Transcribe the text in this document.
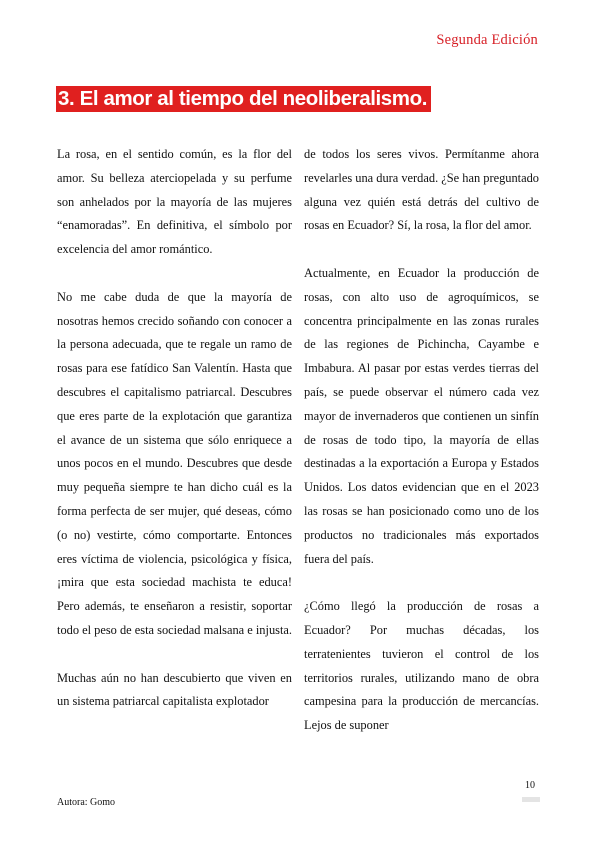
Segunda Edición
3. El amor al tiempo del neoliberalismo.

La rosa, en el sentido común, es la flor del amor. Su belleza aterciopelada y su perfume son anhelados por la mayoría de las mujeres “enamoradas”. En definitiva, el símbolo por excelencia del amor romántico.

No me cabe duda de que la mayoría de nosotras hemos crecido soñando con conocer a la persona adecuada, que te regale un ramo de rosas para ese fatídico San Valentín. Hasta que descubres el capitalismo patriarcal. Descubres que eres parte de la explotación que garantiza el avance de un sistema que sólo enriquece a unos pocos en el mundo. Descubres que desde muy pequeña siempre te han dicho cuál es la forma perfecta de ser mujer, qué deseas, cómo (o no) vestirte, cómo comportarte. Entonces eres víctima de violencia, psicológica y física, ¡mira que esta sociedad machista te educa! Pero además, te enseñaron a resistir, soportar todo el peso de esta sociedad malsana e injusta.

Muchas aún no han descubierto que viven en un sistema patriarcal capitalista explotador

de todos los seres vivos. Permítanme ahora revelarles una dura verdad. ¿Se han preguntado alguna vez quién está detrás del cultivo de rosas en Ecuador? Sí, la rosa, la flor del amor.

Actualmente, en Ecuador la producción de rosas, con alto uso de agroquímicos, se concentra principalmente en las zonas rurales de las regiones de Pichincha, Cayambe e Imbabura. Al pasar por estas verdes tierras del país, se puede observar el número cada vez mayor de invernaderos que contienen un sinfín de rosas de todo tipo, la mayoría de ellas destinadas a la exportación a Europa y Estados Unidos. Los datos evidencian que en el 2023 las rosas se han posicionado como uno de los productos no tradicionales más exportados fuera del país.

¿Cómo llegó la producción de rosas a Ecuador? Por muchas décadas, los terratenientes tuvieron el control de los territorios rurales, utilizando mano de obra campesina para la producción de mercancías. Lejos de suponer

10
Autora: Gomo
